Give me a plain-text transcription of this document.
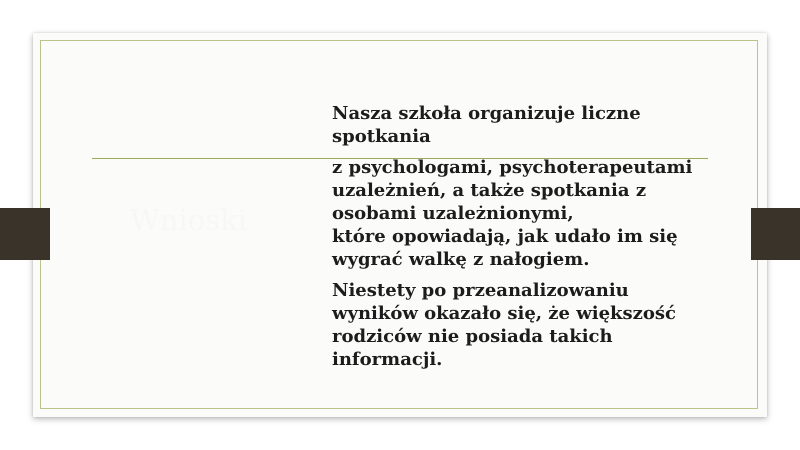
Wnioski

Nasza szkoła organizuje liczne
spotkania

z psychologami, psychoterapeutami
uzależnień, a także spotkania z
osobami uzależnionymi,
które opowiadają, jak udało im się
wygrać walkę z nałogiem.

Niestety po przeanalizowaniu
wyników okazało się, że większość
rodziców nie posiada takich
informacji.
